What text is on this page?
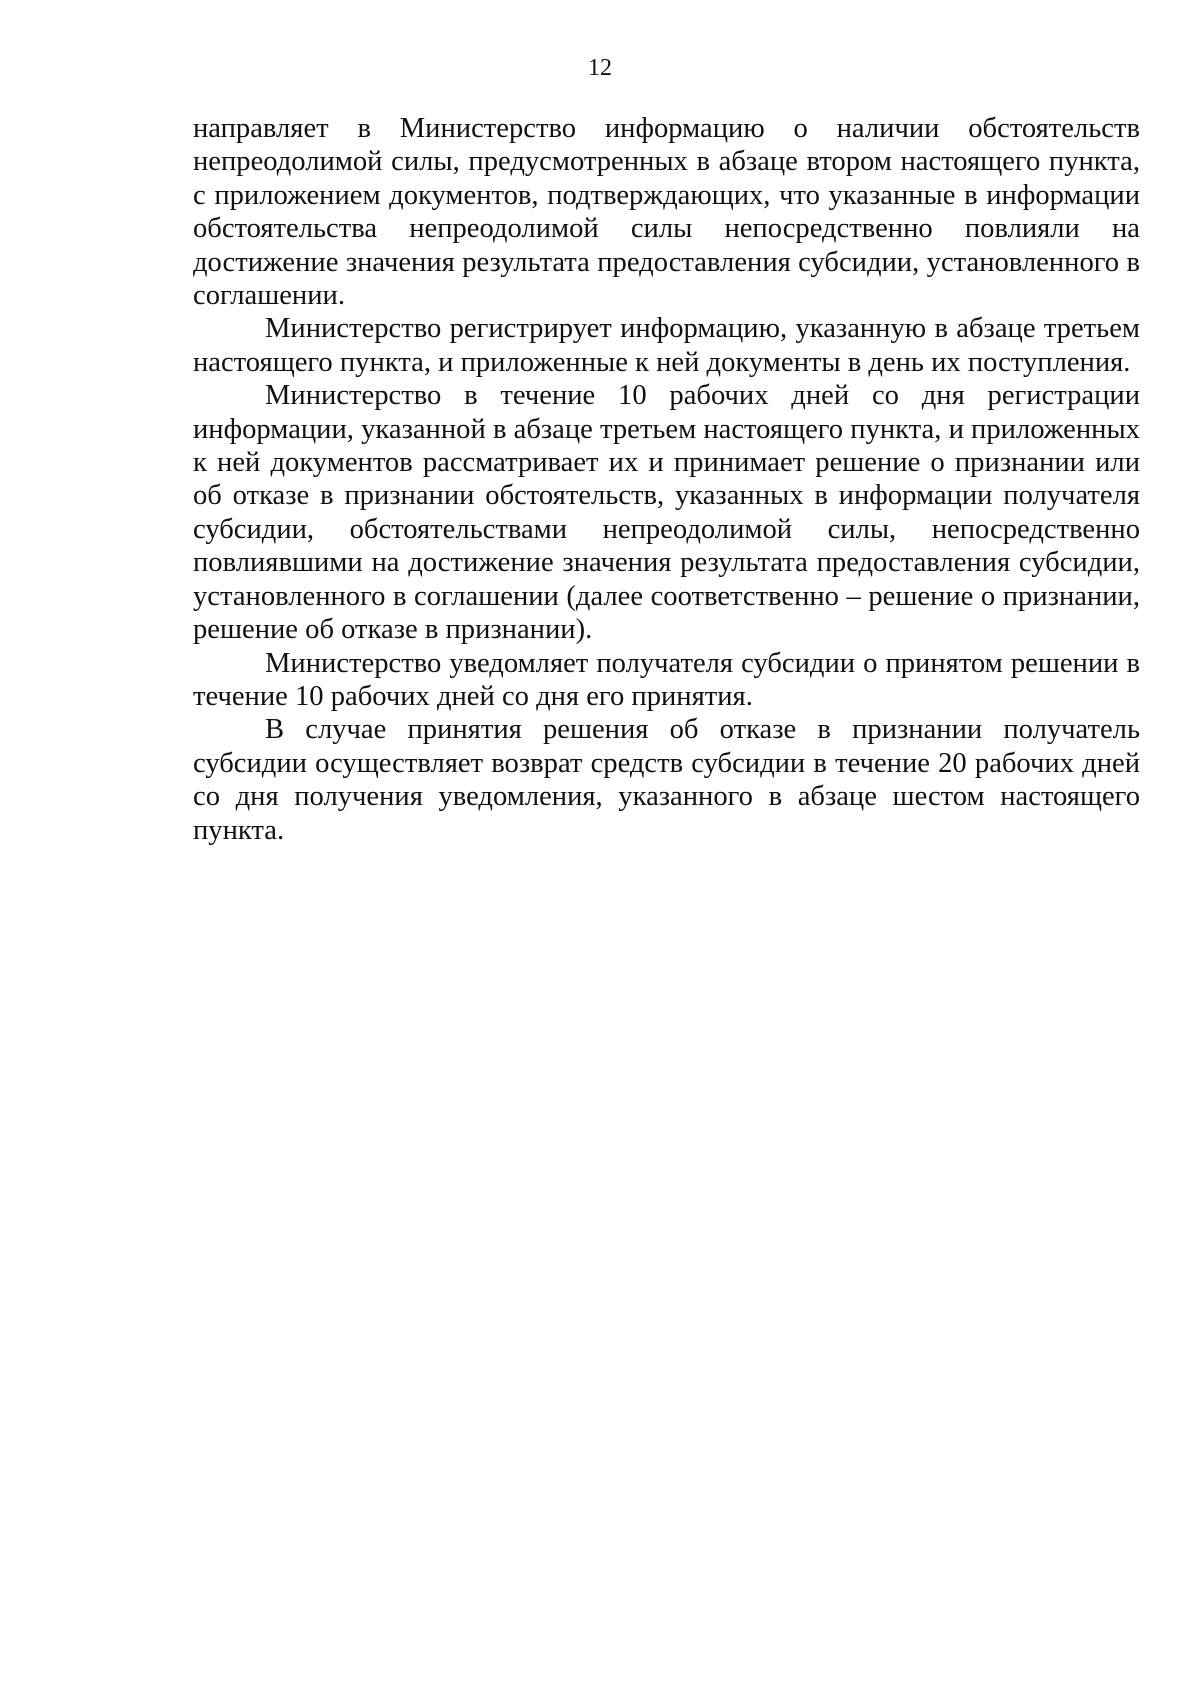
12

направляет в Министерство информацию о наличии обстоятельств непреодолимой силы, предусмотренных в абзаце втором настоящего пункта, с приложением документов, подтверждающих, что указанные в информации обстоятельства непреодолимой силы непосредственно повлияли на достижение значения результата предоставления субсидии, установленного в соглашении.

Министерство регистрирует информацию, указанную в абзаце третьем настоящего пункта, и приложенные к ней документы в день их поступления.

Министерство в течение 10 рабочих дней со дня регистрации информации, указанной в абзаце третьем настоящего пункта, и приложенных к ней документов рассматривает их и принимает решение о признании или об отказе в признании обстоятельств, указанных в информации получателя субсидии, обстоятельствами непреодолимой силы, непосредственно повлиявшими на достижение значения результата предоставления субсидии, установленного в соглашении (далее соответственно – решение о признании, решение об отказе в признании).

Министерство уведомляет получателя субсидии о принятом решении в течение 10 рабочих дней со дня его принятия.

В случае принятия решения об отказе в признании получатель субсидии осуществляет возврат средств субсидии в течение 20 рабочих дней со дня получения уведомления, указанного в абзаце шестом настоящего пункта.
